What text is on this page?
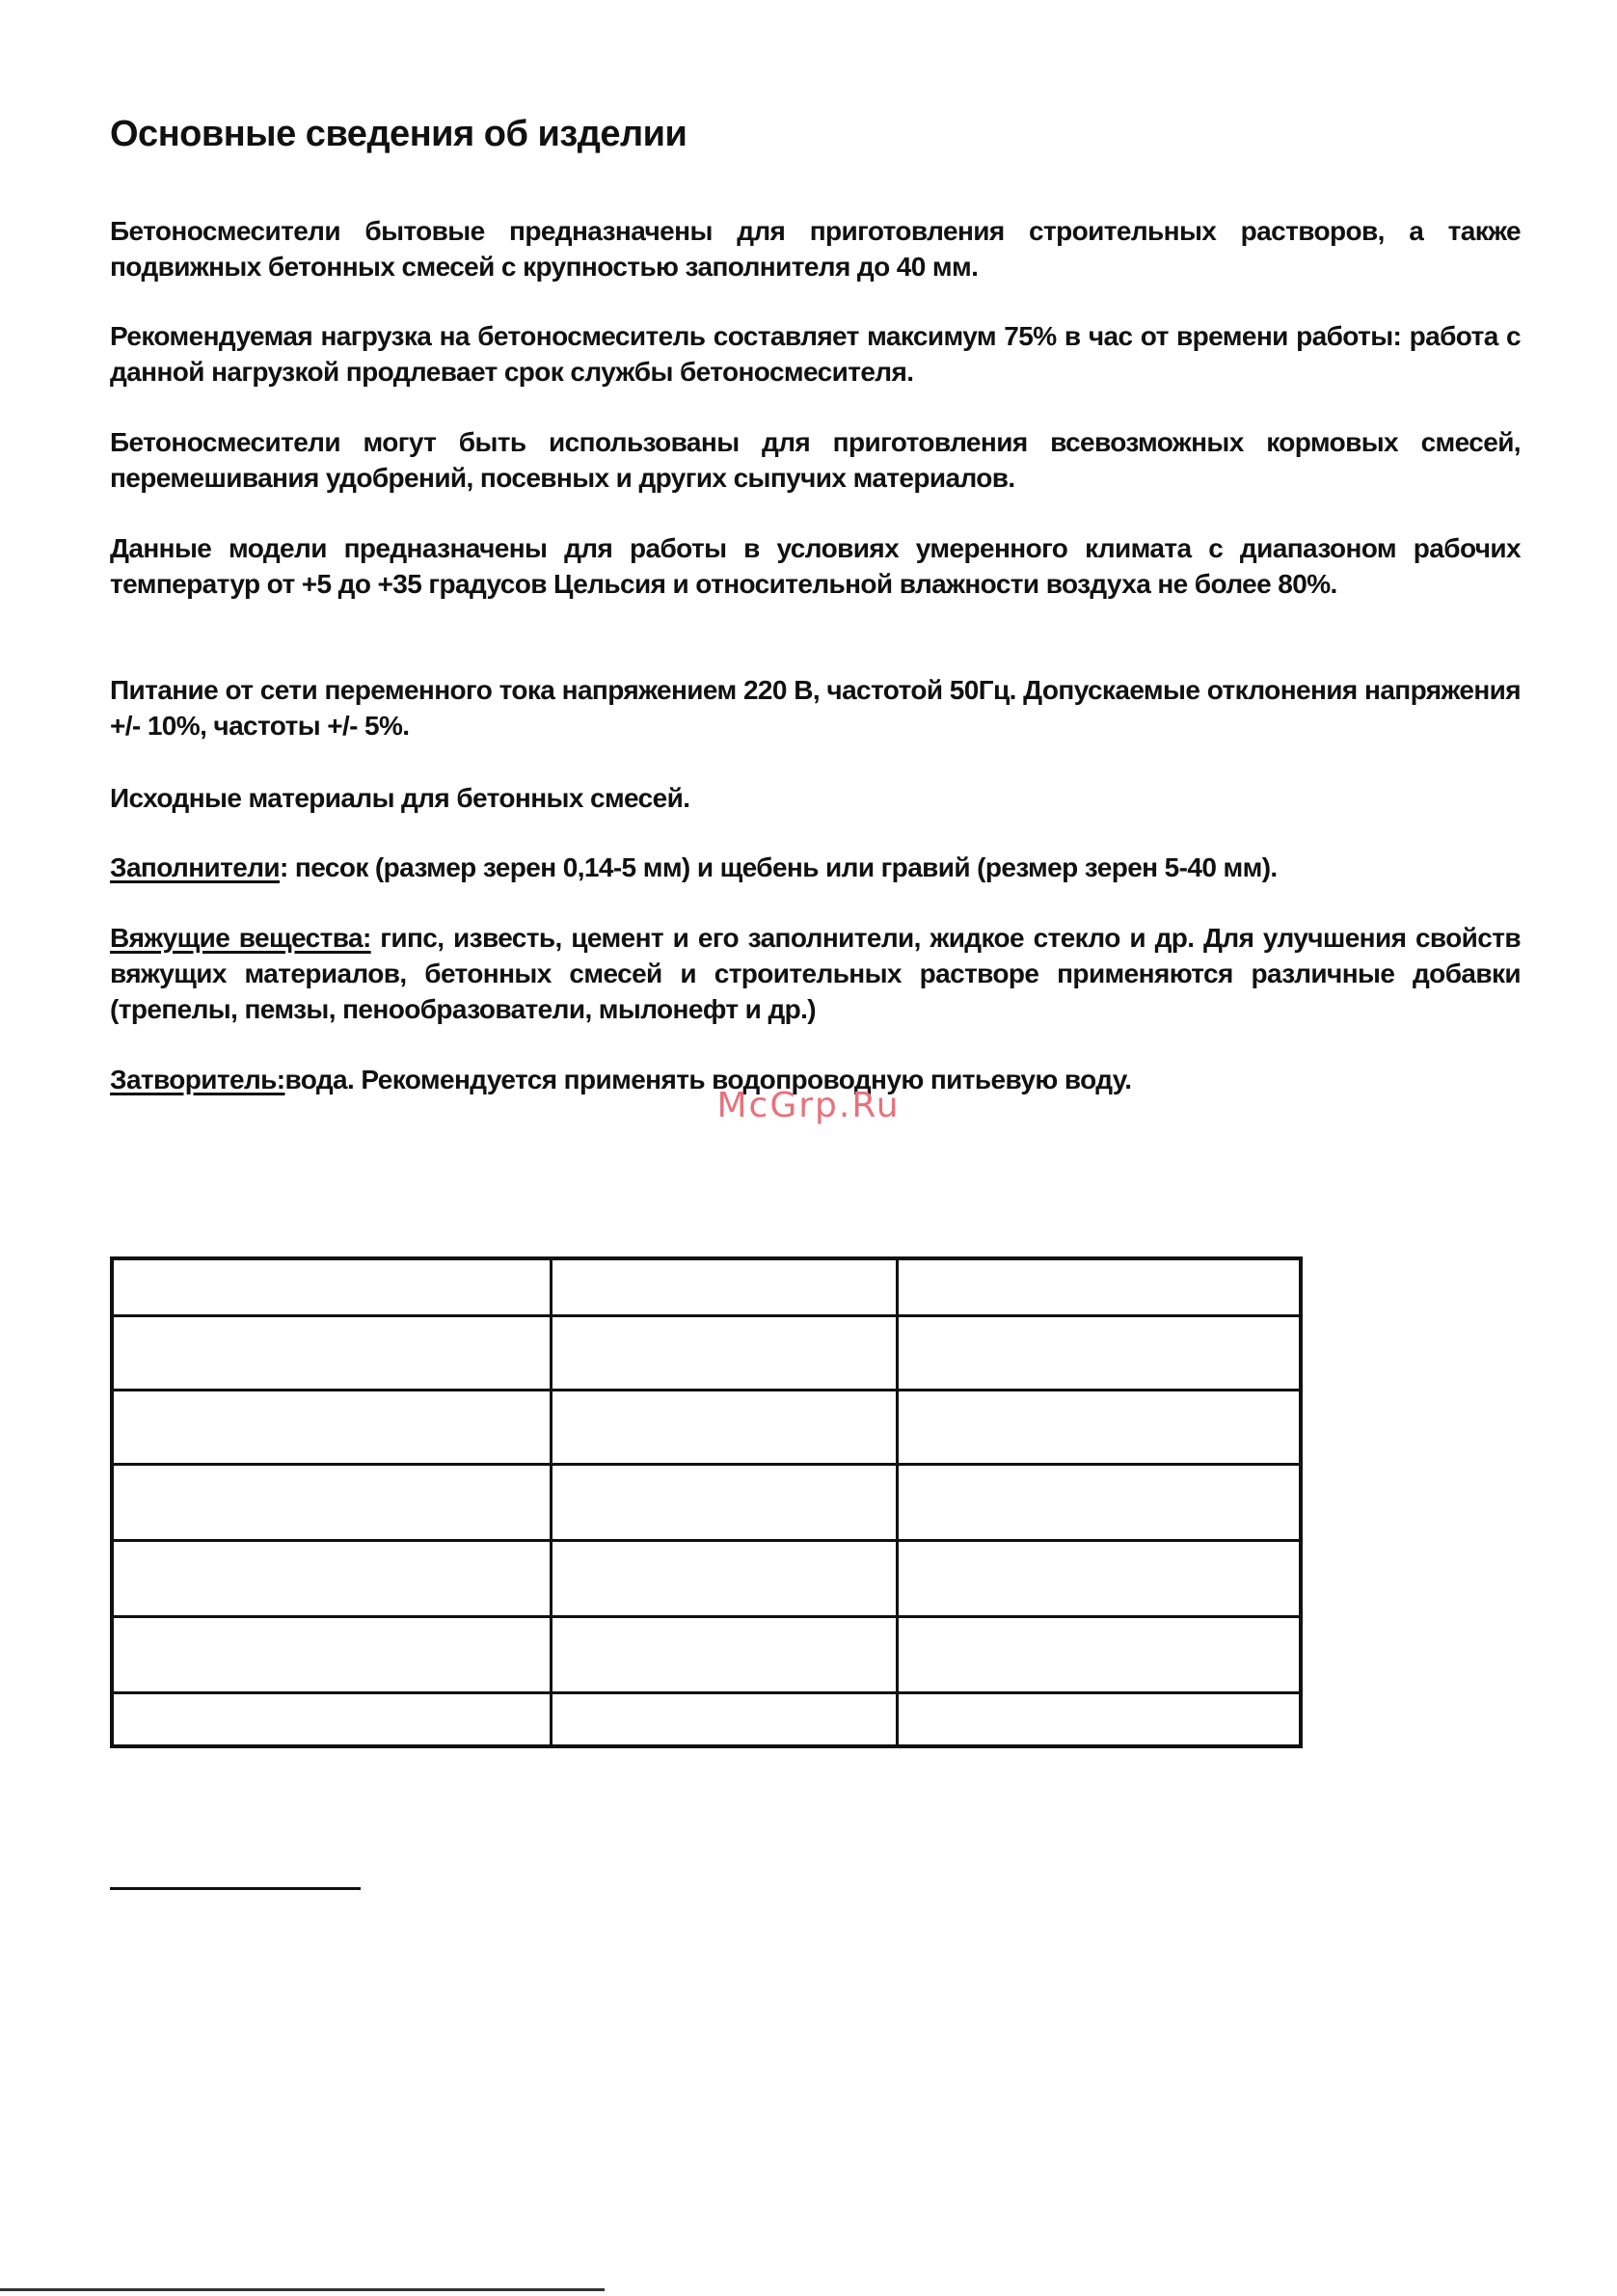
Основные сведения об изделии

Бетоносмесители бытовые предназначены для приготовления строительных растворов, а также подвижных бетонных смесей с крупностью заполнителя до 40 мм.

Рекомендуемая нагрузка на бетоносмеситель составляет максимум 75% в час от времени работы: работа с данной нагрузкой продлевает срок службы бетоносмесителя.

Бетоносмесители могут быть использованы для приготовления всевозможных кормовых смесей, перемешивания удобрений, посевных и других сыпучих материалов.

Данные модели предназначены для работы в условиях умеренного климата с диапазоном рабочих температур от +5 до +35 градусов Цельсия и относительной влажности воздуха не более 80%.

Питание от сети переменного тока напряжением 220 В, частотой 50Гц. Допускаемые отклонения напряжения +/- 10%, частоты +/- 5%.

Исходные материалы для бетонных смесей.

Заполнители: песок (размер зерен 0,14-5 мм) и щебень или гравий (резмер зерен 5-40 мм).

Вяжущие вещества: гипс, известь, цемент и его заполнители, жидкое стекло и др. Для улучшения свойств вяжущих материалов, бетонных смесей и строительных растворе применяются различные добавки (трепелы, пемзы, пенообразователи, мылонефт и др.)

Затворитель:вода. Рекомендуется применять водопроводную питьевую воду.

McGrp.Ru
